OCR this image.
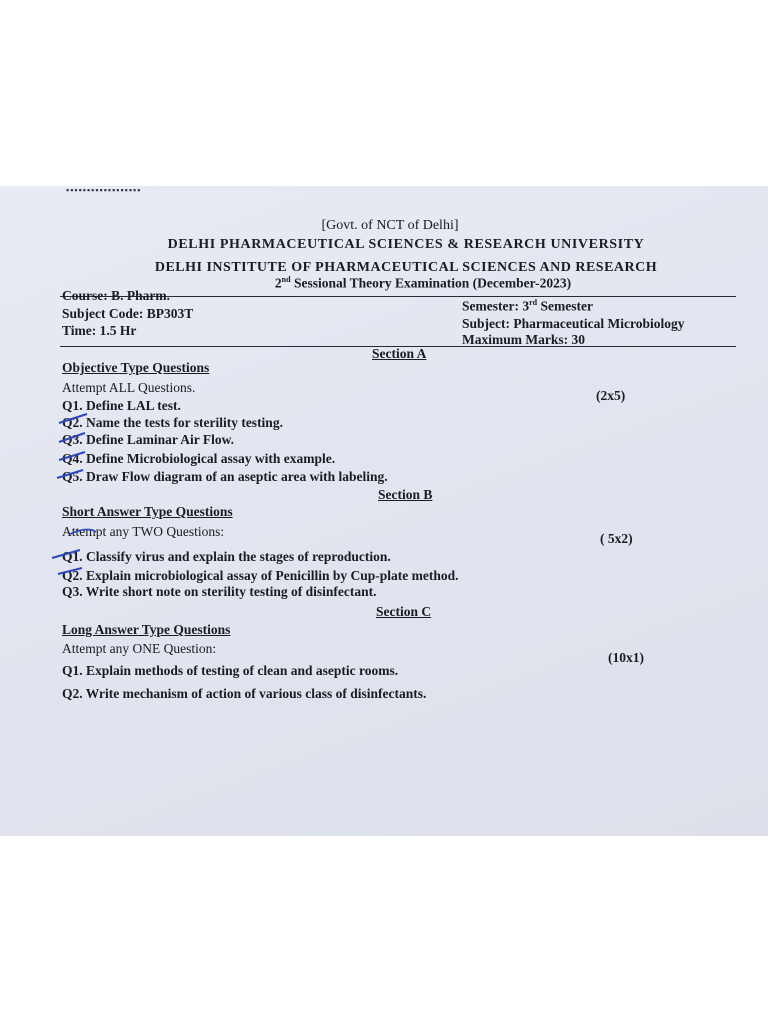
▪▪▪▪▪▪▪▪▪▪▪▪▪▪▪▪▪▪
[Govt. of NCT of Delhi]
DELHI PHARMACEUTICAL SCIENCES & RESEARCH UNIVERSITY
DELHI INSTITUTE OF PHARMACEUTICAL SCIENCES AND RESEARCH
2nd Sessional Theory Examination (December-2023)
Course: B. Pharm.
Subject Code: BP303T
Time: 1.5 Hr
Semester: 3rd Semester
Subject: Pharmaceutical Microbiology
Maximum Marks: 30
Section A
Objective Type Questions
Attempt ALL Questions.
(2x5)
Q1. Define LAL test.
Q2. Name the tests for sterility testing.
Q3. Define Laminar Air Flow.
Q4. Define Microbiological assay with example.
Q5. Draw Flow diagram of an aseptic area with labeling.
Section B
Short Answer Type Questions
Attempt any TWO Questions:	( 5x2)
Q1. Classify virus and explain the stages of reproduction.
Q2. Explain microbiological assay of Penicillin by Cup-plate method.
Q3. Write short note on sterility testing of disinfectant.
Section C
Long Answer Type Questions
Attempt any ONE Question:
(10x1)
Q1. Explain methods of testing of clean and aseptic rooms.
Q2. Write mechanism of action of various class of disinfectants.
